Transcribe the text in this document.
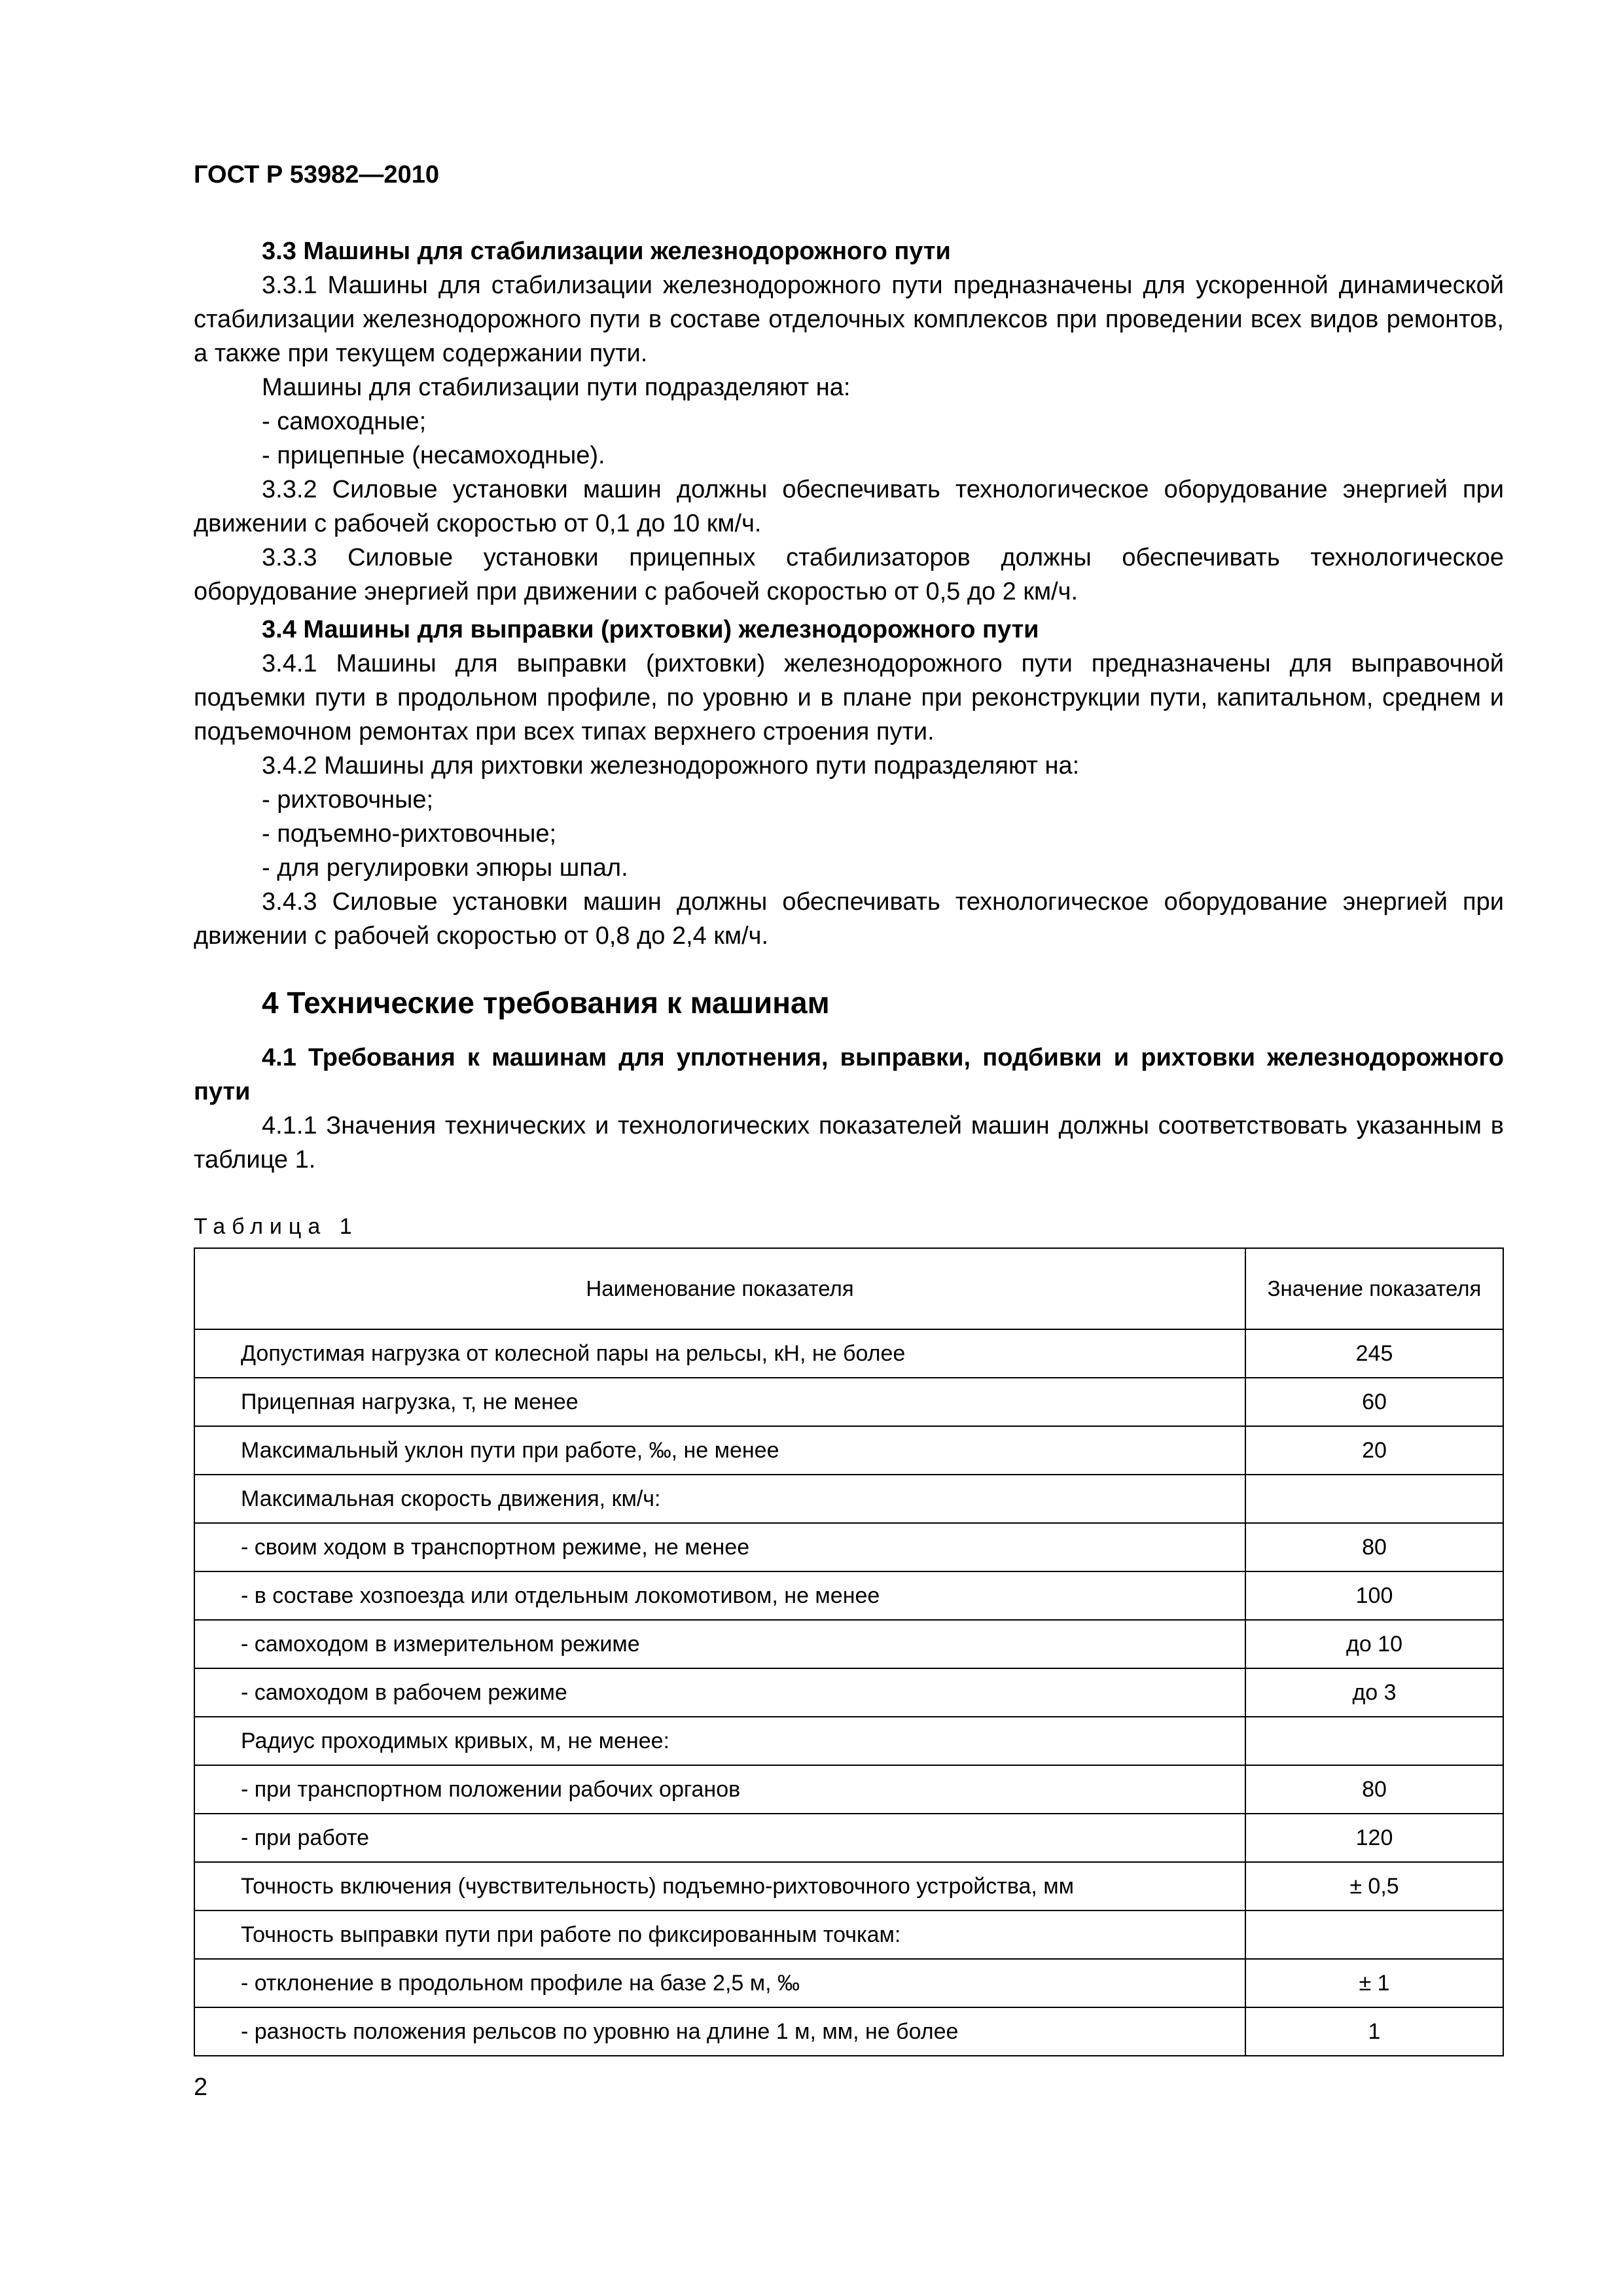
ГОСТ Р 53982—2010

3.3 Машины для стабилизации железнодорожного пути

3.3.1 Машины для стабилизации железнодорожного пути предназначены для ускоренной динамической стабилизации железнодорожного пути в составе отделочных комплексов при проведении всех видов ремонтов, а также при текущем содержании пути.

Машины для стабилизации пути подразделяют на:

- самоходные;

- прицепные (несамоходные).

3.3.2 Силовые установки машин должны обеспечивать технологическое оборудование энергией при движении с рабочей скоростью от 0,1 до 10 км/ч.

3.3.3 Силовые установки прицепных стабилизаторов должны обеспечивать технологическое оборудование энергией при движении с рабочей скоростью от 0,5 до 2 км/ч.

3.4 Машины для выправки (рихтовки) железнодорожного пути

3.4.1 Машины для выправки (рихтовки) железнодорожного пути предназначены для выправочной подъемки пути в продольном профиле, по уровню и в плане при реконструкции пути, капитальном, среднем и подъемочном ремонтах при всех типах верхнего строения пути.

3.4.2 Машины для рихтовки железнодорожного пути подразделяют на:

- рихтовочные;

- подъемно-рихтовочные;

- для регулировки эпюры шпал.

3.4.3 Силовые установки машин должны обеспечивать технологическое оборудование энергией при движении с рабочей скоростью от 0,8 до 2,4 км/ч.

4 Технические требования к машинам

4.1 Требования к машинам для уплотнения, выправки, подбивки и рихтовки железнодорожного пути

4.1.1 Значения технических и технологических показателей машин должны соответствовать указанным в таблице 1.

Таблица 1
Наименование показателя	Значение показателя
Допустимая нагрузка от колесной пары на рельсы, кН, не более	245
Прицепная нагрузка, т, не менее	60
Максимальный уклон пути при работе, ‰, не менее	20
Максимальная скорость движения, км/ч:	
- своим ходом в транспортном режиме, не менее	80
- в составе хозпоезда или отдельным локомотивом, не менее	100
- самоходом в измерительном режиме	до 10
- самоходом в рабочем режиме	до 3
Радиус проходимых кривых, м, не менее:	
- при транспортном положении рабочих органов	80
- при работе	120
Точность включения (чувствительность) подъемно-рихтовочного устройства, мм	± 0,5
Точность выправки пути при работе по фиксированным точкам:	
- отклонение в продольном профиле на базе 2,5 м, ‰	± 1
- разность положения рельсов по уровню на длине 1 м, мм, не более	1
2
